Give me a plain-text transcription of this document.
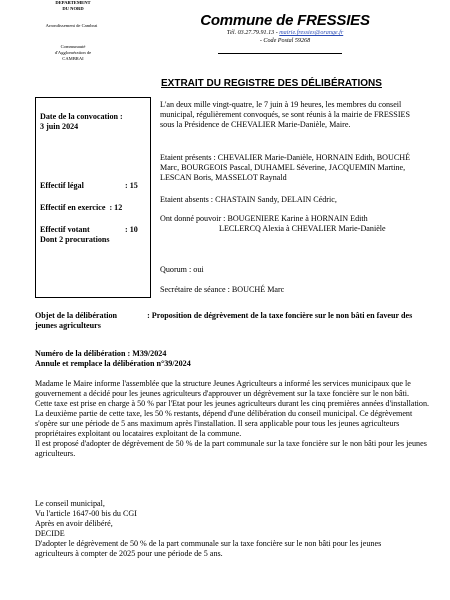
DEPARTEMENT
DU NORD
Arrondissement de Cambrai
Communauté
d'Agglomération de
CAMBRAI
Commune de FRESSIES
Tél. 03.27.79.91.13 - mairie.fressies@orange.fr
- Code Postal 59268
EXTRAIT DU REGISTRE DES DÉLIBÉRATIONS
Date de la convocation :
3 juin 2024
Effectif légal	: 15
Effectif en exercice : 12
Effectif votant	: 10
Dont 2 procurations
L'an deux mille vingt-quatre, le 7 juin à 19 heures, les membres du conseil municipal, régulièrement convoqués, se sont réunis à la mairie de FRESSIES sous la Présidence de CHEVALIER Marie-Danièle, Maire.
Etaient présents : CHEVALIER Marie-Danièle, HORNAIN Edith, BOUCHÉ Marc, BOURGEOIS Pascal, DUHAMEL Séverine, JACQUEMIN Martine, LESCAN Boris, MASSELOT Raynald
Etaient absents : CHASTAIN Sandy, DELAIN Cédric,
Ont donné pouvoir : BOUGENIERE Karine à HORNAIN Edith
LECLERCQ Alexia à CHEVALIER Marie-Danièle
Quorum : oui
Secrétaire de séance : BOUCHÉ Marc
Objet de la délibération	: Proposition de dégrèvement de la taxe foncière sur le non bâti en faveur des jeunes agriculteurs
Numéro de la délibération : M39/2024
Annule et remplace la délibération n°39/2024
Madame le Maire informe l'assemblée que la structure Jeunes Agriculteurs a informé les services municipaux que le gouvernement a décidé pour les jeunes agriculteurs d'approuver un dégrèvement sur la taxe foncière sur le non bâti.
Cette taxe est prise en charge à 50 % par l'Etat pour les jeunes agriculteurs durant les cinq premières années d'installation.
La deuxième partie de cette taxe, les 50 % restants, dépend d'une délibération du conseil municipal. Ce dégrèvement s'opère sur une période de 5 ans maximum après l'installation. Il sera applicable pour tous les jeunes agriculteurs propriétaires exploitant ou locataires exploitant de la commune.
Il est proposé d'adopter de dégrèvement de 50 % de la part communale sur la taxe foncière sur le non bâti pour les jeunes agriculteurs.
Le conseil municipal,
Vu l'article 1647-00 bis du CGI
Après en avoir délibéré,
DECIDE
D'adopter le dégrèvement de 50 % de la part communale sur la taxe foncière sur le non bâti pour les jeunes agriculteurs à compter de 2025 pour une période de 5 ans.
